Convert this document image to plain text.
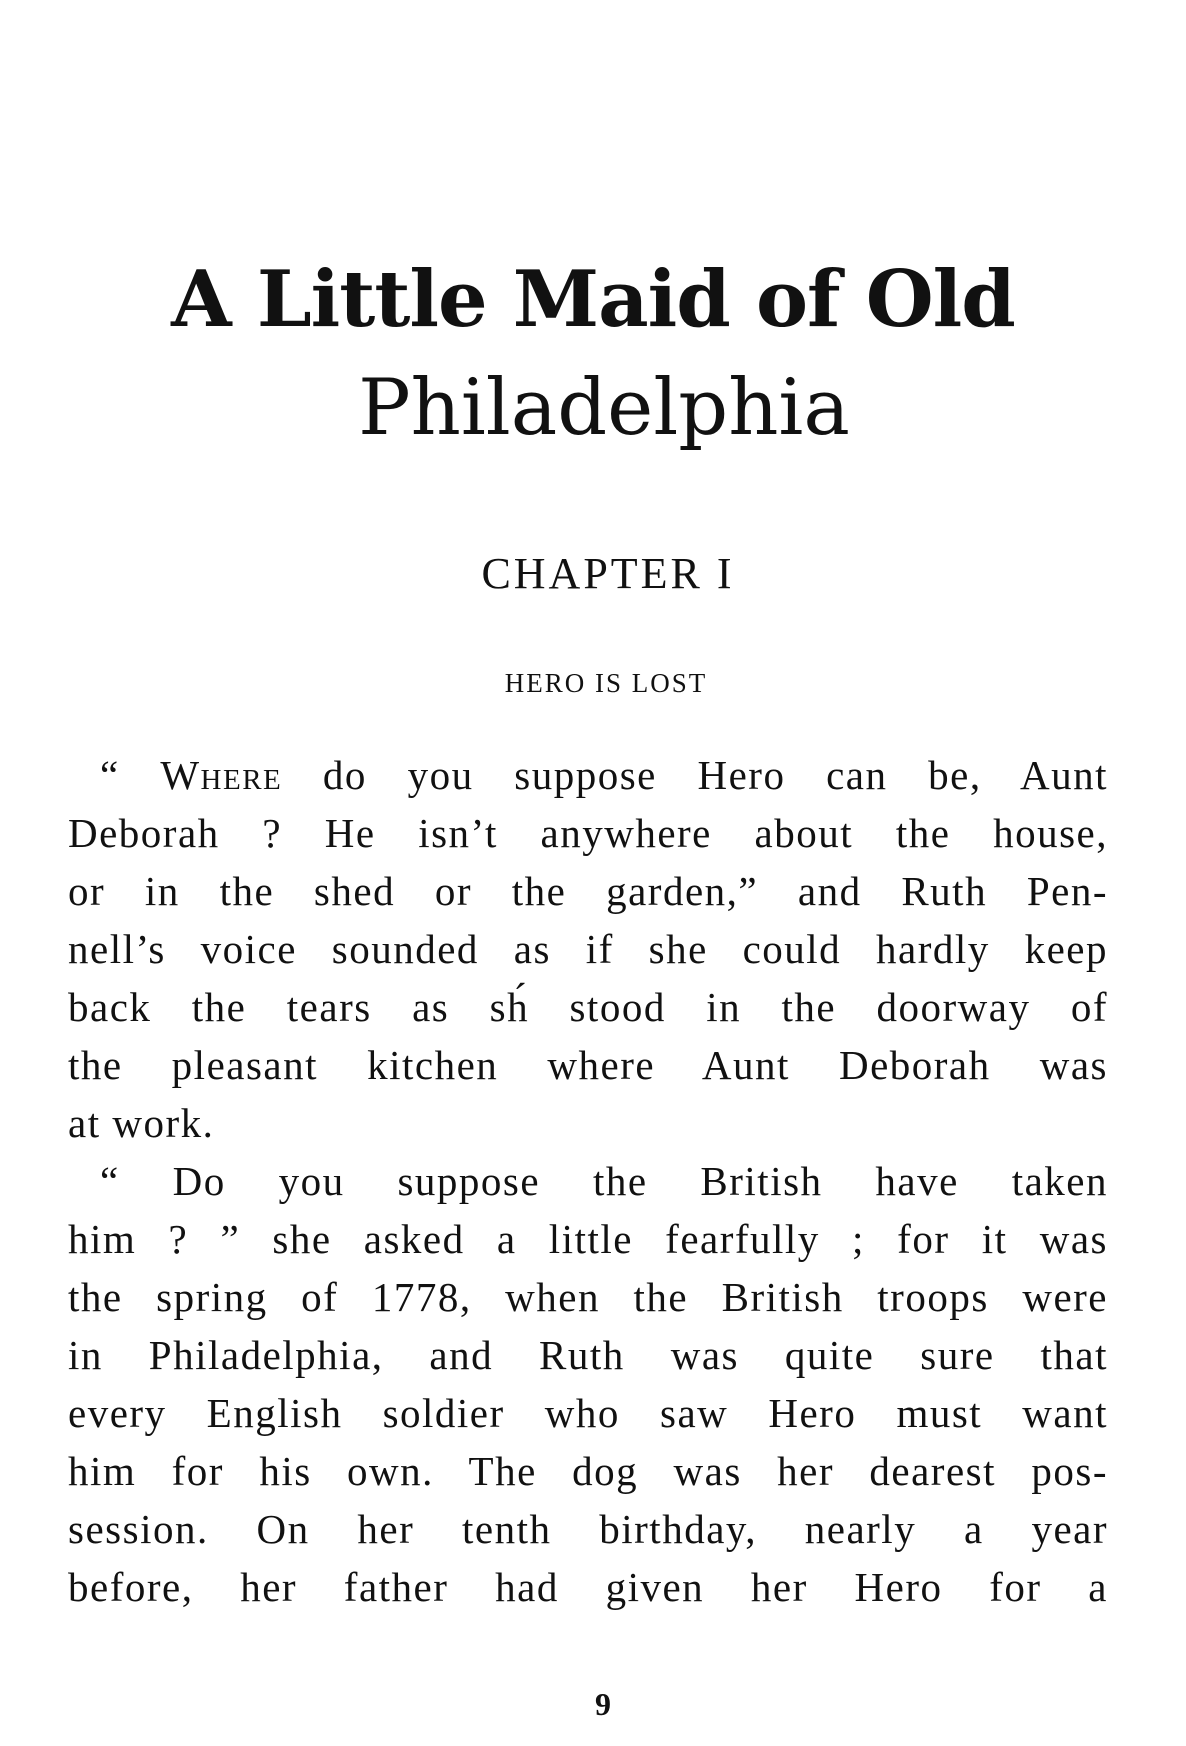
A Little Maid of Old
Philadelphia
CHAPTER I
HERO IS LOST

“ Where do you suppose Hero can be, Aunt
Deborah ? He isn’t anywhere about the house,
or in the shed or the garden,” and Ruth Pen-
nell’s voice sounded as if she could hardly keep
back the tears as sh́ stood in the doorway of
the pleasant kitchen where Aunt Deborah was
at work.

“ Do you suppose the British have taken
him ? ” she asked a little fearfully ; for it was
the spring of 1778, when the British troops were
in Philadelphia, and Ruth was quite sure that
every English soldier who saw Hero must want
him for his own. The dog was her dearest pos-
session. On her tenth birthday, nearly a year
before, her father had given her Hero for a

9
